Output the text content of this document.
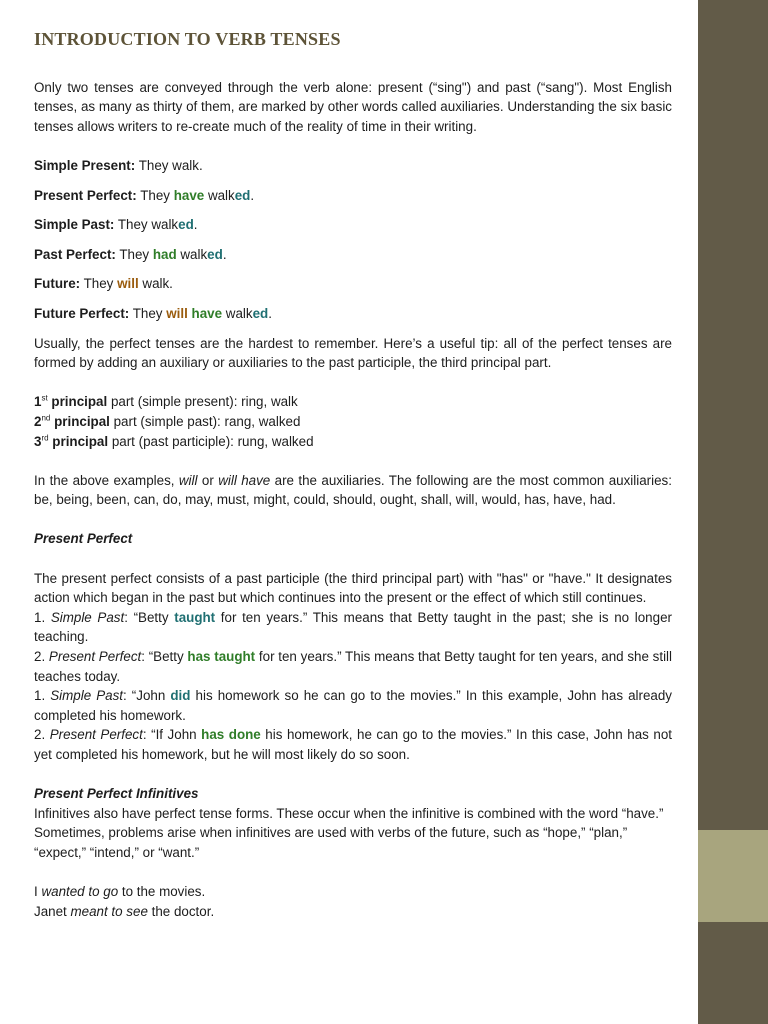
INTRODUCTION TO VERB TENSES

Only two tenses are conveyed through the verb alone: present (“sing") and past (“sang"). Most English tenses, as many as thirty of them, are marked by other words called auxiliaries. Understanding the six basic tenses allows writers to re-create much of the reality of time in their writing.

Simple Present: They walk.

Present Perfect: They have walked.

Simple Past: They walked.

Past Perfect: They had walked.

Future: They will walk.

Future Perfect: They will have walked.

Usually, the perfect tenses are the hardest to remember. Here’s a useful tip: all of the perfect tenses are formed by adding an auxiliary or auxiliaries to the past participle, the third principal part.

1st principal part (simple present): ring, walk

2nd principal part (simple past): rang, walked

3rd principal part (past participle): rung, walked

In the above examples, will or will have are the auxiliaries. The following are the most common auxiliaries: be, being, been, can, do, may, must, might, could, should, ought, shall, will, would, has, have, had.

Present Perfect

The present perfect consists of a past participle (the third principal part) with "has" or "have." It designates action which began in the past but which continues into the present or the effect of which still continues.

1. Simple Past: “Betty taught for ten years.” This means that Betty taught in the past; she is no longer teaching.

2. Present Perfect: “Betty has taught for ten years.” This means that Betty taught for ten years, and she still teaches today.

1. Simple Past: “John did his homework so he can go to the movies.” In this example, John has already completed his homework.

2. Present Perfect: “If John has done his homework, he can go to the movies.” In this case, John has not yet completed his homework, but he will most likely do so soon.

Present Perfect Infinitives

Infinitives also have perfect tense forms. These occur when the infinitive is combined with the word “have.” Sometimes, problems arise when infinitives are used with verbs of the future, such as “hope,” “plan,” “expect,” “intend,” or “want.”

I wanted to go to the movies.

Janet meant to see the doctor.
